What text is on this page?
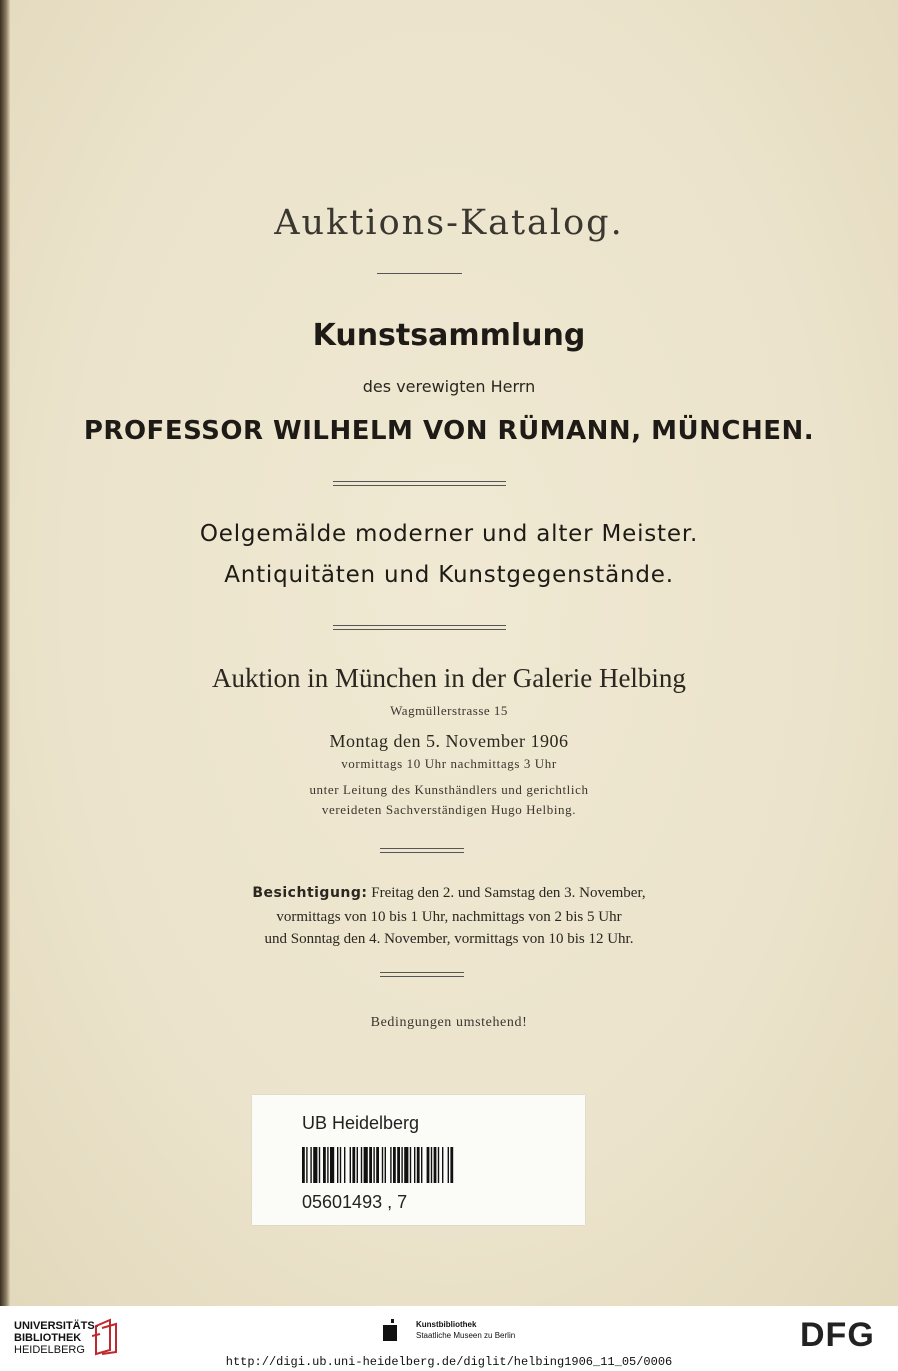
Auktions-Katalog.
Kunstsammlung
des verewigten Herrn
PROFESSOR WILHELM VON RÜMANN, MÜNCHEN.
Oelgemälde moderner und alter Meister.
Antiquitäten und Kunstgegenstände.
Auktion in München in der Galerie Helbing
Wagmüllerstrasse 15
Montag den 5. November 1906
vormittags 10 Uhr nachmittags 3 Uhr
unter Leitung des Kunsthändlers und gerichtlich
vereideten Sachverständigen Hugo Helbing.
Besichtigung: Freitag den 2. und Samstag den 3. November,
vormittags von 10 bis 1 Uhr, nachmittags von 2 bis 5 Uhr
und Sonntag den 4. November, vormittags von 10 bis 12 Uhr.
Bedingungen umstehend!
UB Heidelberg
05601493 , 7
UNIVERSITÄTS-
BIBLIOTHEK
HEIDELBERG
Kunstbibliothek
Staatliche Museen zu Berlin	DFG
http://digi.ub.uni-heidelberg.de/diglit/helbing1906_11_05/0006
